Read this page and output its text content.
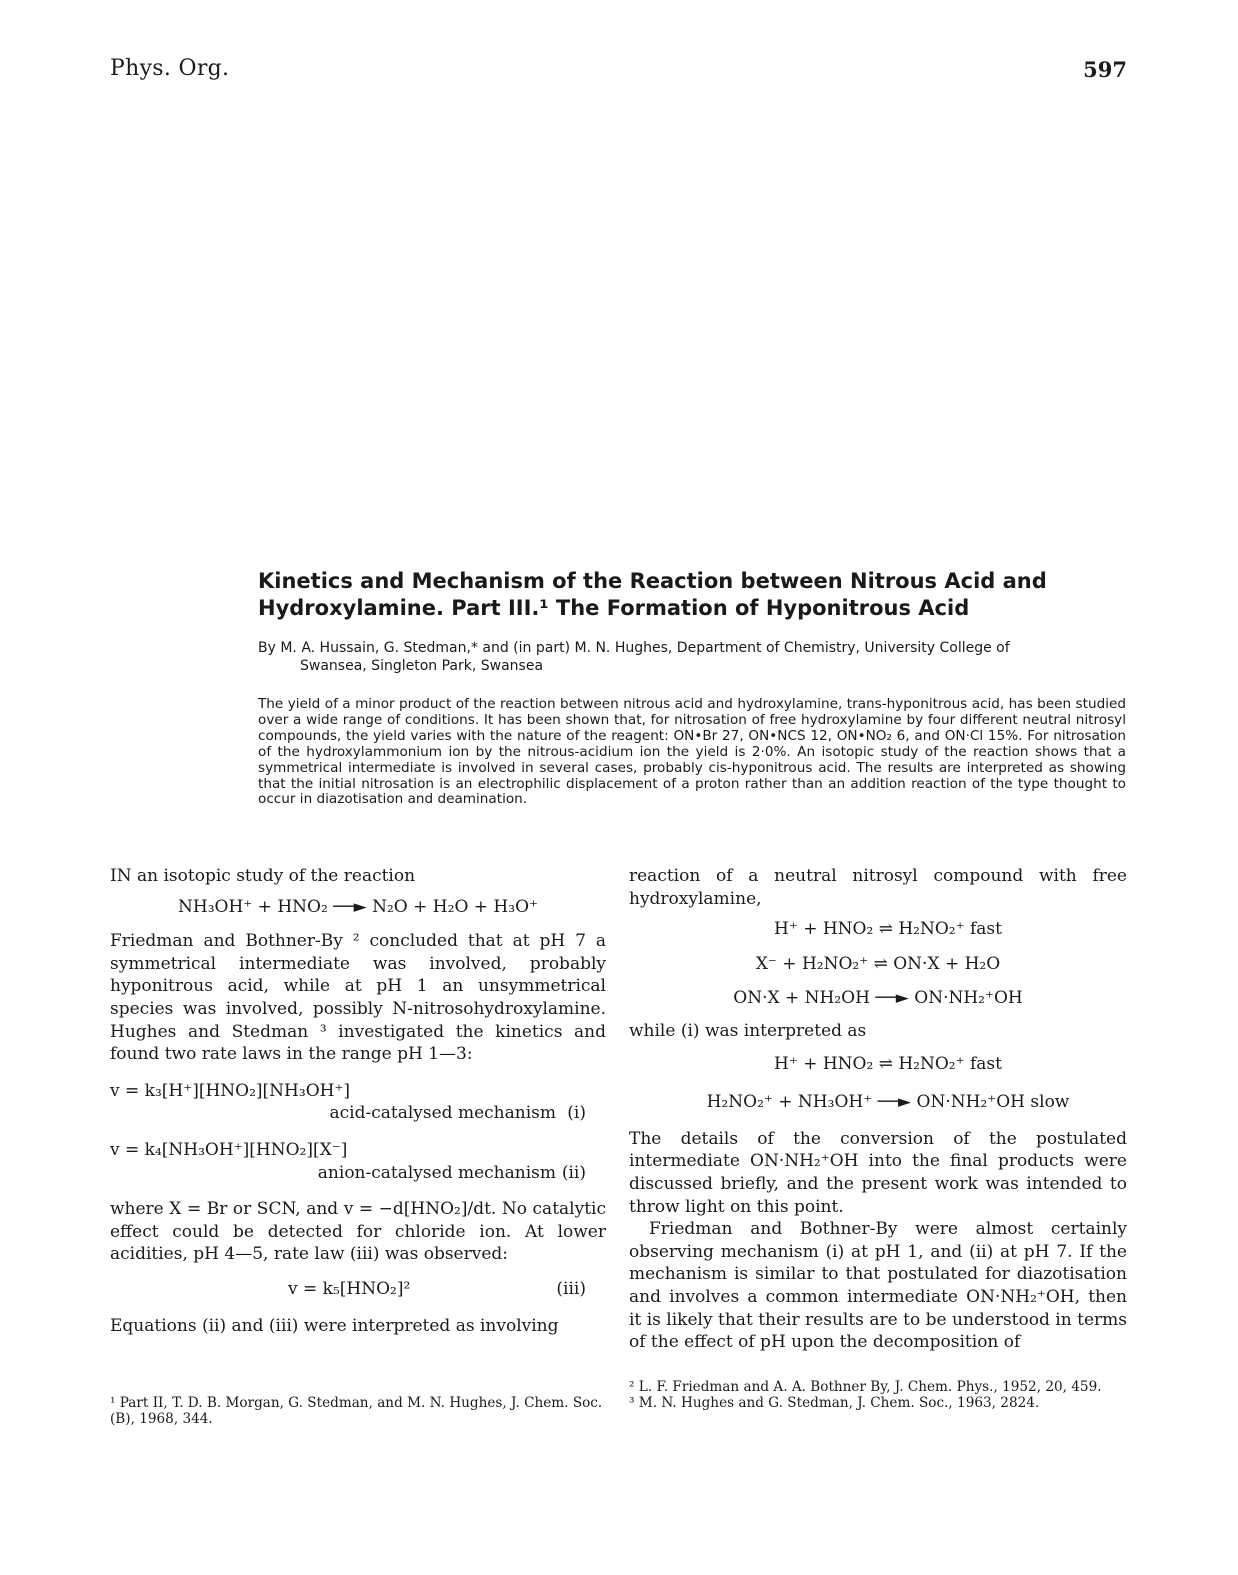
Phys. Org.	597
Kinetics and Mechanism of the Reaction between Nitrous Acid and
Hydroxylamine. Part III.¹ The Formation of Hyponitrous Acid
By M. A. Hussain, G. Stedman,* and (in part) M. N. Hughes, Department of Chemistry, University College of
Swansea, Singleton Park, Swansea
The yield of a minor product of the reaction between nitrous acid and hydroxylamine, trans-hyponitrous acid, has been studied over a wide range of conditions. It has been shown that, for nitrosation of free hydroxylamine by four different neutral nitrosyl compounds, the yield varies with the nature of the reagent: ON•Br 27, ON•NCS 12, ON•NO₂ 6, and ON·Cl 15%. For nitrosation of the hydroxylammonium ion by the nitrous-acidium ion the yield is 2·0%. An isotopic study of the reaction shows that a symmetrical intermediate is involved in several cases, probably cis-hyponitrous acid. The results are interpreted as showing that the initial nitrosation is an electrophilic displacement of a proton rather than an addition reaction of the type thought to occur in diazotisation and deamination.

IN an isotopic study of the reaction

NH₃OH⁺ + HNO₂ ──► N₂O + H₂O + H₃O⁺

Friedman and Bothner-By ² concluded that at pH 7 a symmetrical intermediate was involved, probably hyponitrous acid, while at pH 1 an unsymmetrical species was involved, possibly N-nitrosohydroxylamine. Hughes and Stedman ³ investigated the kinetics and found two rate laws in the range pH 1—3:

v = k₃[H⁺][HNO₂][NH₃OH⁺]
acid-catalysed mechanism (i)
v = k₄[NH₃OH⁺][HNO₂][X⁻]
anion-catalysed mechanism (ii)

where X = Br or SCN, and v = −d[HNO₂]/dt. No catalytic effect could be detected for chloride ion. At lower acidities, pH 4—5, rate law (iii) was observed:

v = k₅[HNO₂]²	(iii)

Equations (ii) and (iii) were interpreted as involving

¹ Part II, T. D. B. Morgan, G. Stedman, and M. N. Hughes, J. Chem. Soc. (B), 1968, 344.

reaction of a neutral nitrosyl compound with free hydroxylamine,

H⁺ + HNO₂ ⇌ H₂NO₂⁺ fast

X⁻ + H₂NO₂⁺ ⇌ ON·X + H₂O

ON·X + NH₂OH ──► ON·NH₂⁺OH

while (i) was interpreted as

H⁺ + HNO₂ ⇌ H₂NO₂⁺ fast

H₂NO₂⁺ + NH₃OH⁺ ──► ON·NH₂⁺OH slow

The details of the conversion of the postulated intermediate ON·NH₂⁺OH into the final products were discussed briefly, and the present work was intended to throw light on this point.

Friedman and Bothner-By were almost certainly observing mechanism (i) at pH 1, and (ii) at pH 7. If the mechanism is similar to that postulated for diazotisation and involves a common intermediate ON·NH₂⁺OH, then it is likely that their results are to be understood in terms of the effect of pH upon the decomposition of

² L. F. Friedman and A. A. Bothner By, J. Chem. Phys., 1952, 20, 459.
³ M. N. Hughes and G. Stedman, J. Chem. Soc., 1963, 2824.
